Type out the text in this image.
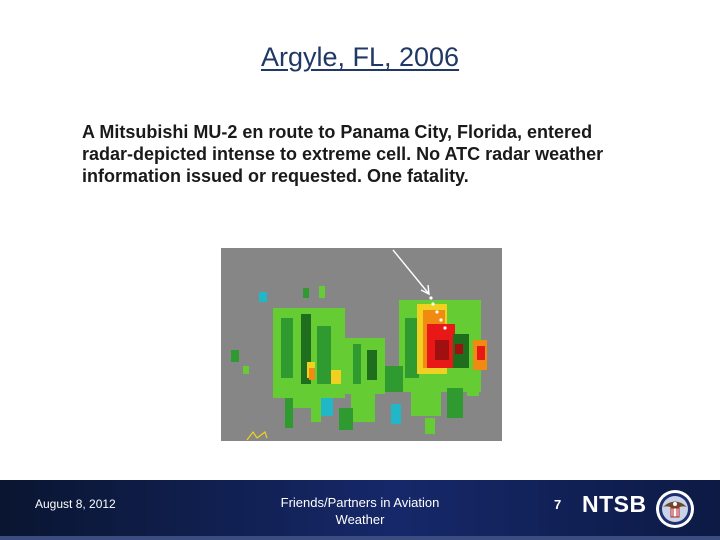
Argyle, FL, 2006
A Mitsubishi MU-2 en route to Panama City, Florida, entered radar-depicted intense to extreme cell. No ATC radar weather information issued or requested. One fatality.
August 8, 2012	Friends/Partners in Aviation
Weather
7 NTSB
